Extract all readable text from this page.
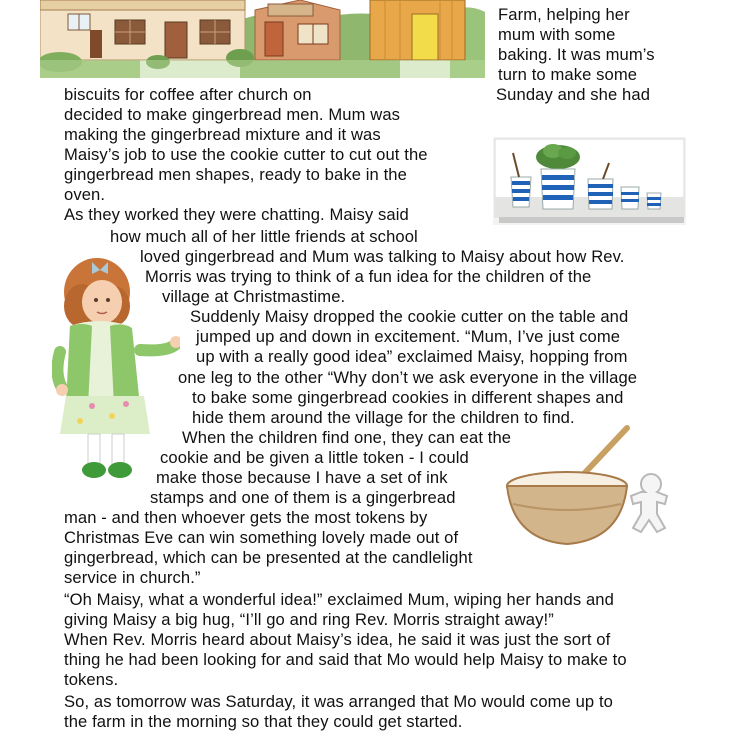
Farm, helping her
mum with some
baking. It was mum’s
turn to make some
biscuits for coffee after church on	Sunday and she had
decided to make gingerbread men. Mum was
making the gingerbread mixture and it was
Maisy’s job to use the cookie cutter to cut out the
gingerbread men shapes, ready to bake in the
oven.
As they worked they were chatting. Maisy said
how much all of her little friends at school
loved gingerbread and Mum was talking to Maisy about how Rev.
Morris was trying to think of a fun idea for the children of the
village at Christmastime.
Suddenly Maisy dropped the cookie cutter on the table and
jumped up and down in excitement. “Mum, I’ve just come
up with a really good idea” exclaimed Maisy, hopping from
one leg to the other “Why don’t we ask everyone in the village
to bake some gingerbread cookies in different shapes and
hide them around the village for the children to find.
When the children find one, they can eat the
cookie and be given a little token - I could
make those because I have a set of ink
stamps and one of them is a gingerbread
man - and then whoever gets the most tokens by
Christmas Eve can win something lovely made out of
gingerbread, which can be presented at the candlelight
service in church.”
“Oh Maisy, what a wonderful idea!” exclaimed Mum, wiping her hands and
giving Maisy a big hug, “I’ll go and ring Rev. Morris straight away!”
When Rev. Morris heard about Maisy’s idea, he said it was just the sort of
thing he had been looking for and said that Mo would help Maisy to make to
tokens.
So, as tomorrow was Saturday, it was arranged that Mo would come up to
the farm in the morning so that they could get started.
